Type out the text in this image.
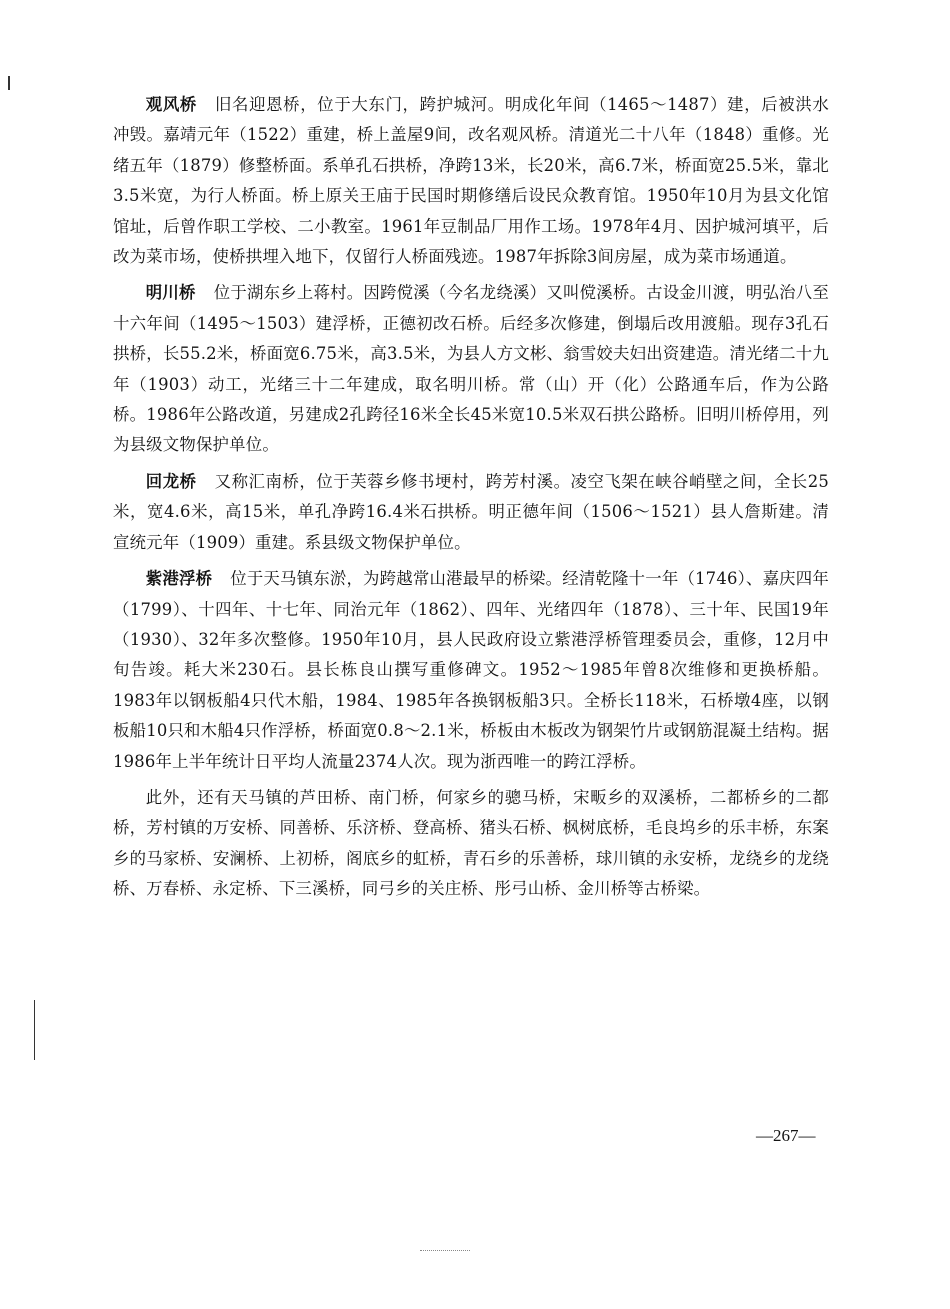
观风桥 旧名迎恩桥，位于大东门，跨护城河。明成化年间（1465～1487）建，后被洪水冲毁。嘉靖元年（1522）重建，桥上盖屋9间，改名观风桥。清道光二十八年（1848）重修。光绪五年（1879）修整桥面。系单孔石拱桥，净跨13米，长20米，高6.7米，桥面宽25.5米，靠北3.5米宽，为行人桥面。桥上原关王庙于民国时期修缮后设民众教育馆。1950年10月为县文化馆馆址，后曾作职工学校、二小教室。1961年豆制品厂用作工场。1978年4月、因护城河填平，后改为菜市场，使桥拱埋入地下，仅留行人桥面残迹。1987年拆除3间房屋，成为菜市场通道。

明川桥 位于湖东乡上蒋村。因跨傥溪（今名龙绕溪）又叫傥溪桥。古设金川渡，明弘治八至十六年间（1495～1503）建浮桥，正德初改石桥。后经多次修建，倒塌后改用渡船。现存3孔石拱桥，长55.2米，桥面宽6.75米，高3.5米，为县人方文彬、翁雪姣夫妇出资建造。清光绪二十九年（1903）动工，光绪三十二年建成，取名明川桥。常（山）开（化）公路通车后，作为公路桥。1986年公路改道，另建成2孔跨径16米全长45米宽10.5米双石拱公路桥。旧明川桥停用，列为县级文物保护单位。

回龙桥 又称汇南桥，位于芙蓉乡修书埂村，跨芳村溪。凌空飞架在峡谷峭壁之间，全长25米，宽4.6米，高15米，单孔净跨16.4米石拱桥。明正德年间（1506～1521）县人詹斯建。清宣统元年（1909）重建。系县级文物保护单位。

紫港浮桥 位于天马镇东淤，为跨越常山港最早的桥梁。经清乾隆十一年（1746）、嘉庆四年（1799）、十四年、十七年、同治元年（1862）、四年、光绪四年（1878）、三十年、民国19年（1930）、32年多次整修。1950年10月，县人民政府设立紫港浮桥管理委员会，重修，12月中旬告竣。耗大米230石。县长栋良山撰写重修碑文。1952～1985年曾8次维修和更换桥船。1983年以钢板船4只代木船，1984、1985年各换钢板船3只。全桥长118米，石桥墩4座，以钢板船10只和木船4只作浮桥，桥面宽0.8～2.1米，桥板由木板改为钢架竹片或钢筋混凝土结构。据1986年上半年统计日平均人流量2374人次。现为浙西唯一的跨江浮桥。

此外，还有天马镇的芦田桥、南门桥，何家乡的骢马桥，宋畈乡的双溪桥，二都桥乡的二都桥，芳村镇的万安桥、同善桥、乐济桥、登高桥、猪头石桥、枫树底桥，毛良坞乡的乐丰桥，东案乡的马家桥、安澜桥、上初桥，阁底乡的虹桥，青石乡的乐善桥，球川镇的永安桥，龙绕乡的龙绕桥、万春桥、永定桥、下三溪桥，同弓乡的关庄桥、彤弓山桥、金川桥等古桥梁。

—267—
